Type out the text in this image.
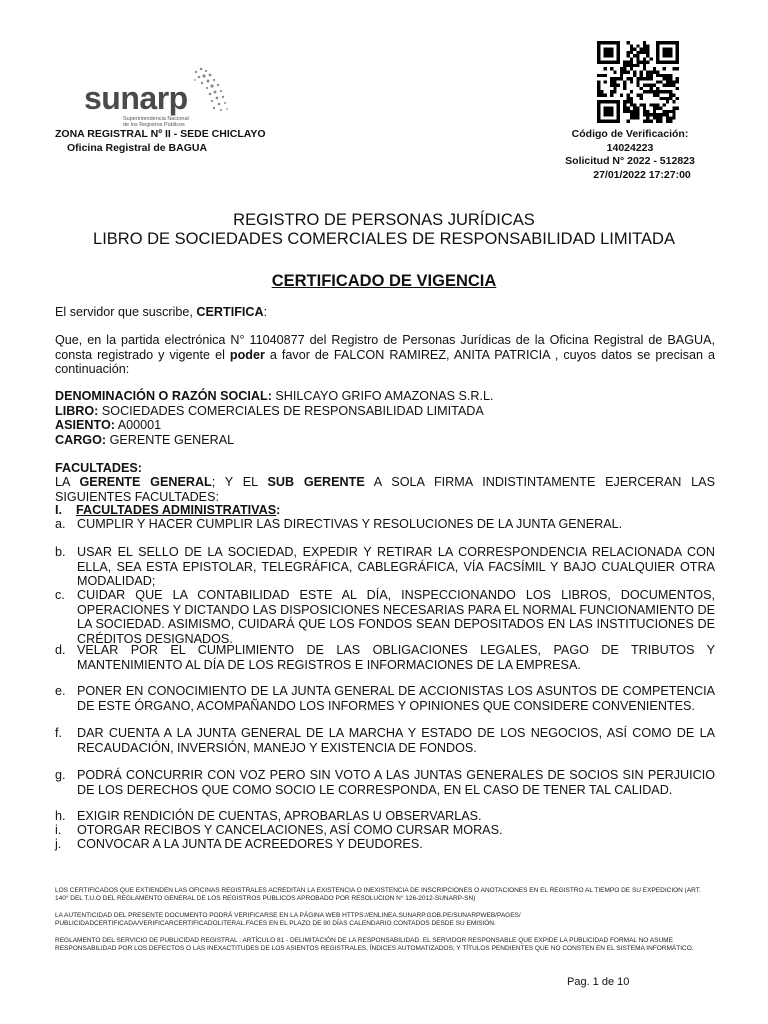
sunarp
Superintendencia Nacional de los Registros Públicos
ZONA REGISTRAL Nº II - SEDE CHICLAYO
Oficina Registral de BAGUA
Código de Verificación:
14024223
Solicitud N° 2022 - 512823
27/01/2022 17:27:00
REGISTRO DE PERSONAS JURÍDICAS
LIBRO DE SOCIEDADES COMERCIALES DE RESPONSABILIDAD LIMITADA
CERTIFICADO DE VIGENCIA
El servidor que suscribe, CERTIFICA:
Que, en la partida electrónica N° 11040877 del Registro de Personas Jurídicas de la Oficina Registral de BAGUA, consta registrado y vigente el poder a favor de FALCON RAMIREZ, ANITA PATRICIA , cuyos datos se precisan a continuación:
DENOMINACIÓN O RAZÓN SOCIAL: SHILCAYO GRIFO AMAZONAS S.R.L.
LIBRO: SOCIEDADES COMERCIALES DE RESPONSABILIDAD LIMITADA
ASIENTO: A00001
CARGO: GERENTE GENERAL
FACULTADES:
LA GERENTE GENERAL; Y EL SUB GERENTE A SOLA FIRMA INDISTINTAMENTE EJERCERAN LAS SIGUIENTES FACULTADES:
I. FACULTADES ADMINISTRATIVAS:
a. CUMPLIR Y HACER CUMPLIR LAS DIRECTIVAS Y RESOLUCIONES DE LA JUNTA GENERAL.
b. USAR EL SELLO DE LA SOCIEDAD, EXPEDIR Y RETIRAR LA CORRESPONDENCIA RELACIONADA CON ELLA, SEA ESTA EPISTOLAR, TELEGRÁFICA, CABLEGRÁFICA, VÍA FACSÍMIL Y BAJO CUALQUIER OTRA MODALIDAD;
c. CUIDAR QUE LA CONTABILIDAD ESTE AL DÍA, INSPECCIONANDO LOS LIBROS, DOCUMENTOS, OPERACIONES Y DICTANDO LAS DISPOSICIONES NECESARIAS PARA EL NORMAL FUNCIONAMIENTO DE LA SOCIEDAD. ASIMISMO, CUIDARÁ QUE LOS FONDOS SEAN DEPOSITADOS EN LAS INSTITUCIONES DE CRÉDITOS DESIGNADOS.
d. VELAR POR EL CUMPLIMIENTO DE LAS OBLIGACIONES LEGALES, PAGO DE TRIBUTOS Y MANTENIMIENTO AL DÍA DE LOS REGISTROS E INFORMACIONES DE LA EMPRESA.
e. PONER EN CONOCIMIENTO DE LA JUNTA GENERAL DE ACCIONISTAS LOS ASUNTOS DE COMPETENCIA DE ESTE ÓRGANO, ACOMPAÑANDO LOS INFORMES Y OPINIONES QUE CONSIDERE CONVENIENTES.
f. DAR CUENTA A LA JUNTA GENERAL DE LA MARCHA Y ESTADO DE LOS NEGOCIOS, ASÍ COMO DE LA RECAUDACIÓN, INVERSIÓN, MANEJO Y EXISTENCIA DE FONDOS.
g. PODRÁ CONCURRIR CON VOZ PERO SIN VOTO A LAS JUNTAS GENERALES DE SOCIOS SIN PERJUICIO DE LOS DERECHOS QUE COMO SOCIO LE CORRESPONDA, EN EL CASO DE TENER TAL CALIDAD.
h. EXIGIR RENDICIÓN DE CUENTAS, APROBARLAS U OBSERVARLAS.
i. OTORGAR RECIBOS Y CANCELACIONES, ASÍ COMO CURSAR MORAS.
j. CONVOCAR A LA JUNTA DE ACREEDORES Y DEUDORES.
LOS CERTIFICADOS QUE EXTIENDEN LAS OFICINAS REGISTRALES ACREDITAN LA EXISTENCIA O INEXISTENCIA DE INSCRIPCIONES O ANOTACIONES EN EL REGISTRO AL TIEMPO DE SU EXPEDICION (ART. 140° DEL T.U.O DEL REGLAMENTO GENERAL DE LOS REGISTROS PUBLICOS APROBADO POR RESOLUCION N° 126-2012-SUNARP-SN)
LA AUTENTICIDAD DEL PRESENTE DOCUMENTO PODRÁ VERIFICARSE EN LA PÁGINA WEB HTTPS://ENLINEA.SUNARP.GOB.PE/SUNARPWEB/PAGES/ PUBLICIDADCERTIFICADA/VERIFICARCERTIFICADOLITERAL.FACES EN EL PLAZO DE 90 DÍAS CALENDARIO CONTADOS DESDE SU EMISIÓN.
REGLAMENTO DEL SERVICIO DE PUBLICIDAD REGISTRAL : ARTÍCULO 81 - DELIMITACIÓN DE LA RESPONSABILIDAD. EL SERVIDOR RESPONSABLE QUE EXPIDE LA PUBLICIDAD FORMAL NO ASUME RESPONSABILIDAD POR LOS DEFECTOS O LAS INEXACTITUDES DE LOS ASIENTOS REGISTRALES, ÍNDICES AUTOMATIZADOS, Y TÍTULOS PENDIENTES QUE NO CONSTEN EN EL SISTEMA INFORMÁTICO.
Pag. 1 de 10
